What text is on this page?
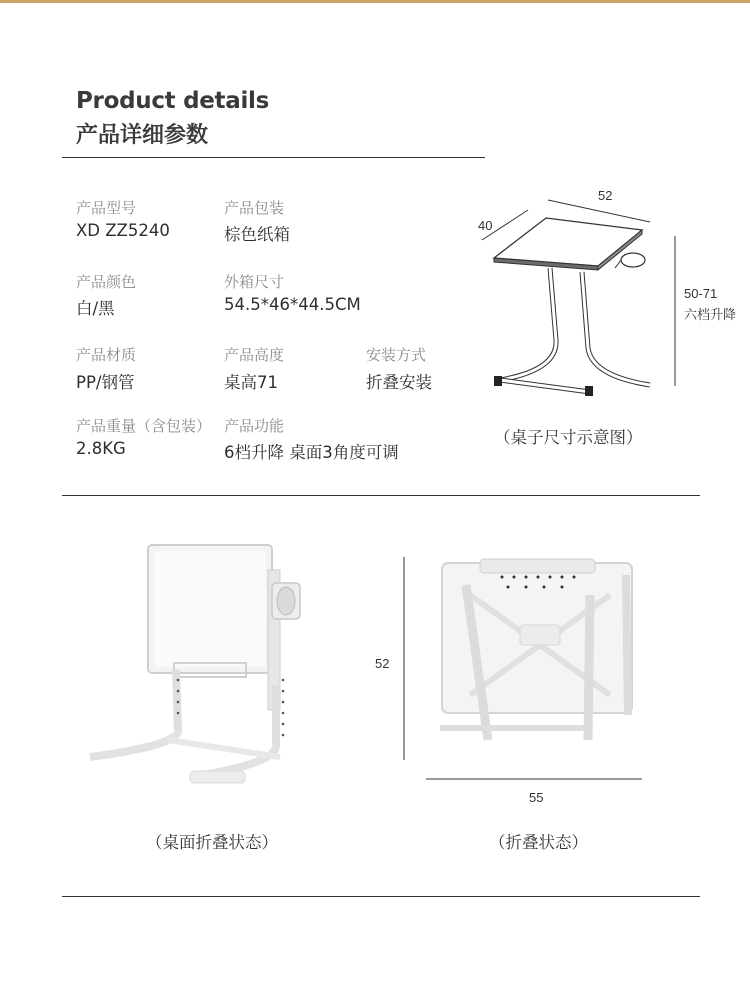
Product details
产品详细参数
产品型号
XD ZZ5240
产品包装
棕色纸箱
产品颜色
白/黑
外箱尺寸
54.5*46*44.5CM
产品材质
PP/钢管
产品高度
桌高71
安装方式
折叠安装
产品重量（含包装）
2.8KG
产品功能
6档升降 桌面3角度可调
52
40
50-71
六档升降
（桌子尺寸示意图）
（桌面折叠状态）
52
55
（折叠状态）
